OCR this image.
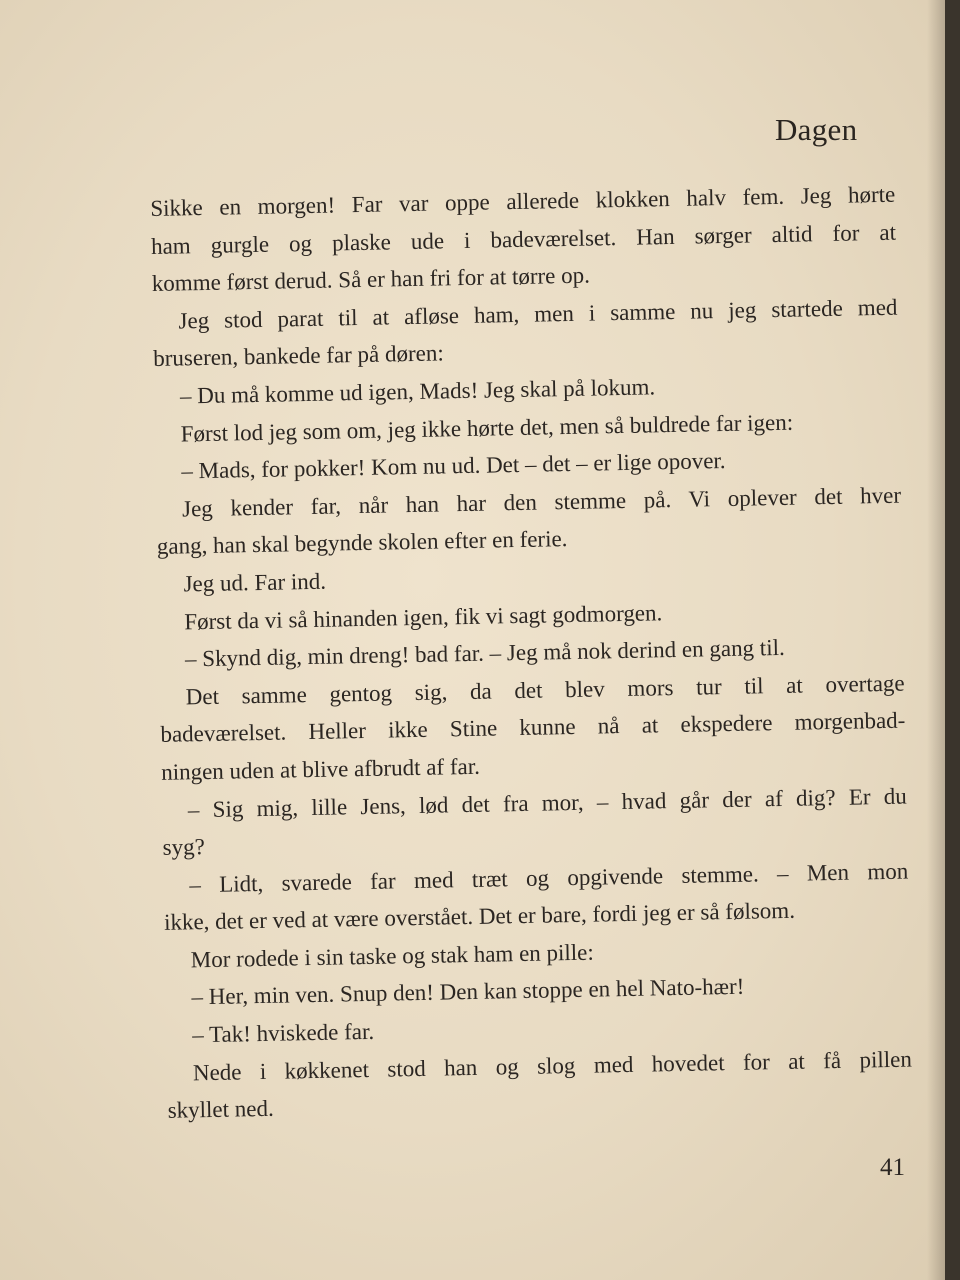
Dagen
Sikke en morgen! Far var oppe allerede klokken halv fem. Jeg hørte
ham gurgle og plaske ude i badeværelset. Han sørger altid for at
komme først derud. Så er han fri for at tørre op.
Jeg stod parat til at afløse ham, men i samme nu jeg startede med
bruseren, bankede far på døren:
– Du må komme ud igen, Mads! Jeg skal på lokum.
Først lod jeg som om, jeg ikke hørte det, men så buldrede far igen:
– Mads, for pokker! Kom nu ud. Det – det – er lige opover.
Jeg kender far, når han har den stemme på. Vi oplever det hver
gang, han skal begynde skolen efter en ferie.
Jeg ud. Far ind.
Først da vi så hinanden igen, fik vi sagt godmorgen.
– Skynd dig, min dreng! bad far. – Jeg må nok derind en gang til.
Det samme gentog sig, da det blev mors tur til at overtage
badeværelset. Heller ikke Stine kunne nå at ekspedere morgenbad-
ningen uden at blive afbrudt af far.
– Sig mig, lille Jens, lød det fra mor, – hvad går der af dig? Er du
syg?
– Lidt, svarede far med træt og opgivende stemme. – Men mon
ikke, det er ved at være overstået. Det er bare, fordi jeg er så følsom.
Mor rodede i sin taske og stak ham en pille:
– Her, min ven. Snup den! Den kan stoppe en hel Nato-hær!
– Tak! hviskede far.
Nede i køkkenet stod han og slog med hovedet for at få pillen
skyllet ned.
41
